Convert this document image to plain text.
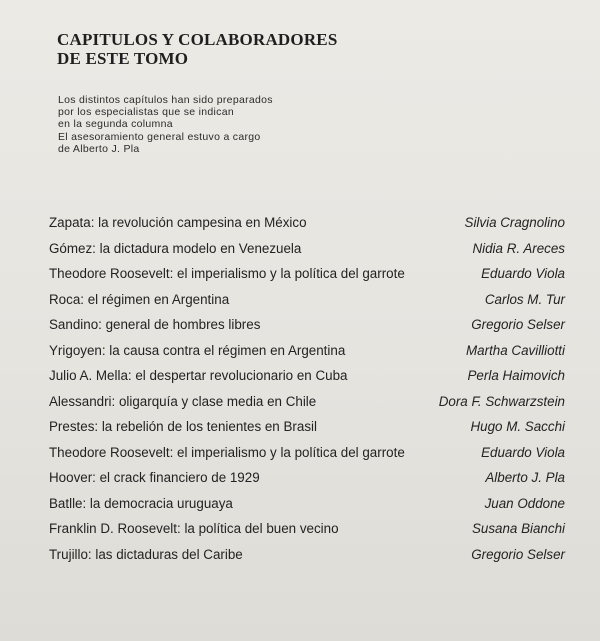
CAPITULOS Y COLABORADORES
DE ESTE TOMO
Los distintos capítulos han sido preparados
por los especialistas que se indican
en la segunda columna
El asesoramiento general estuvo a cargo
de Alberto J. Pla
Zapata: la revolución campesina en México	Silvia Cragnolino
Gómez: la dictadura modelo en Venezuela	Nidia R. Areces
Theodore Roosevelt: el imperialismo y la política del garrote	Eduardo Viola
Roca: el régimen en Argentina	Carlos M. Tur
Sandino: general de hombres libres	Gregorio Selser
Yrigoyen: la causa contra el régimen en Argentina	Martha Cavilliotti
Julio A. Mella: el despertar revolucionario en Cuba	Perla Haimovich
Alessandri: oligarquía y clase media en Chile	Dora F. Schwarzstein
Prestes: la rebelión de los tenientes en Brasil	Hugo M. Sacchi
Theodore Roosevelt: el imperialismo y la política del garrote	Eduardo Viola
Hoover: el crack financiero de 1929	Alberto J. Pla
Batlle: la democracia uruguaya	Juan Oddone
Franklin D. Roosevelt: la política del buen vecino	Susana Bianchi
Trujillo: las dictaduras del Caribe	Gregorio Selser
